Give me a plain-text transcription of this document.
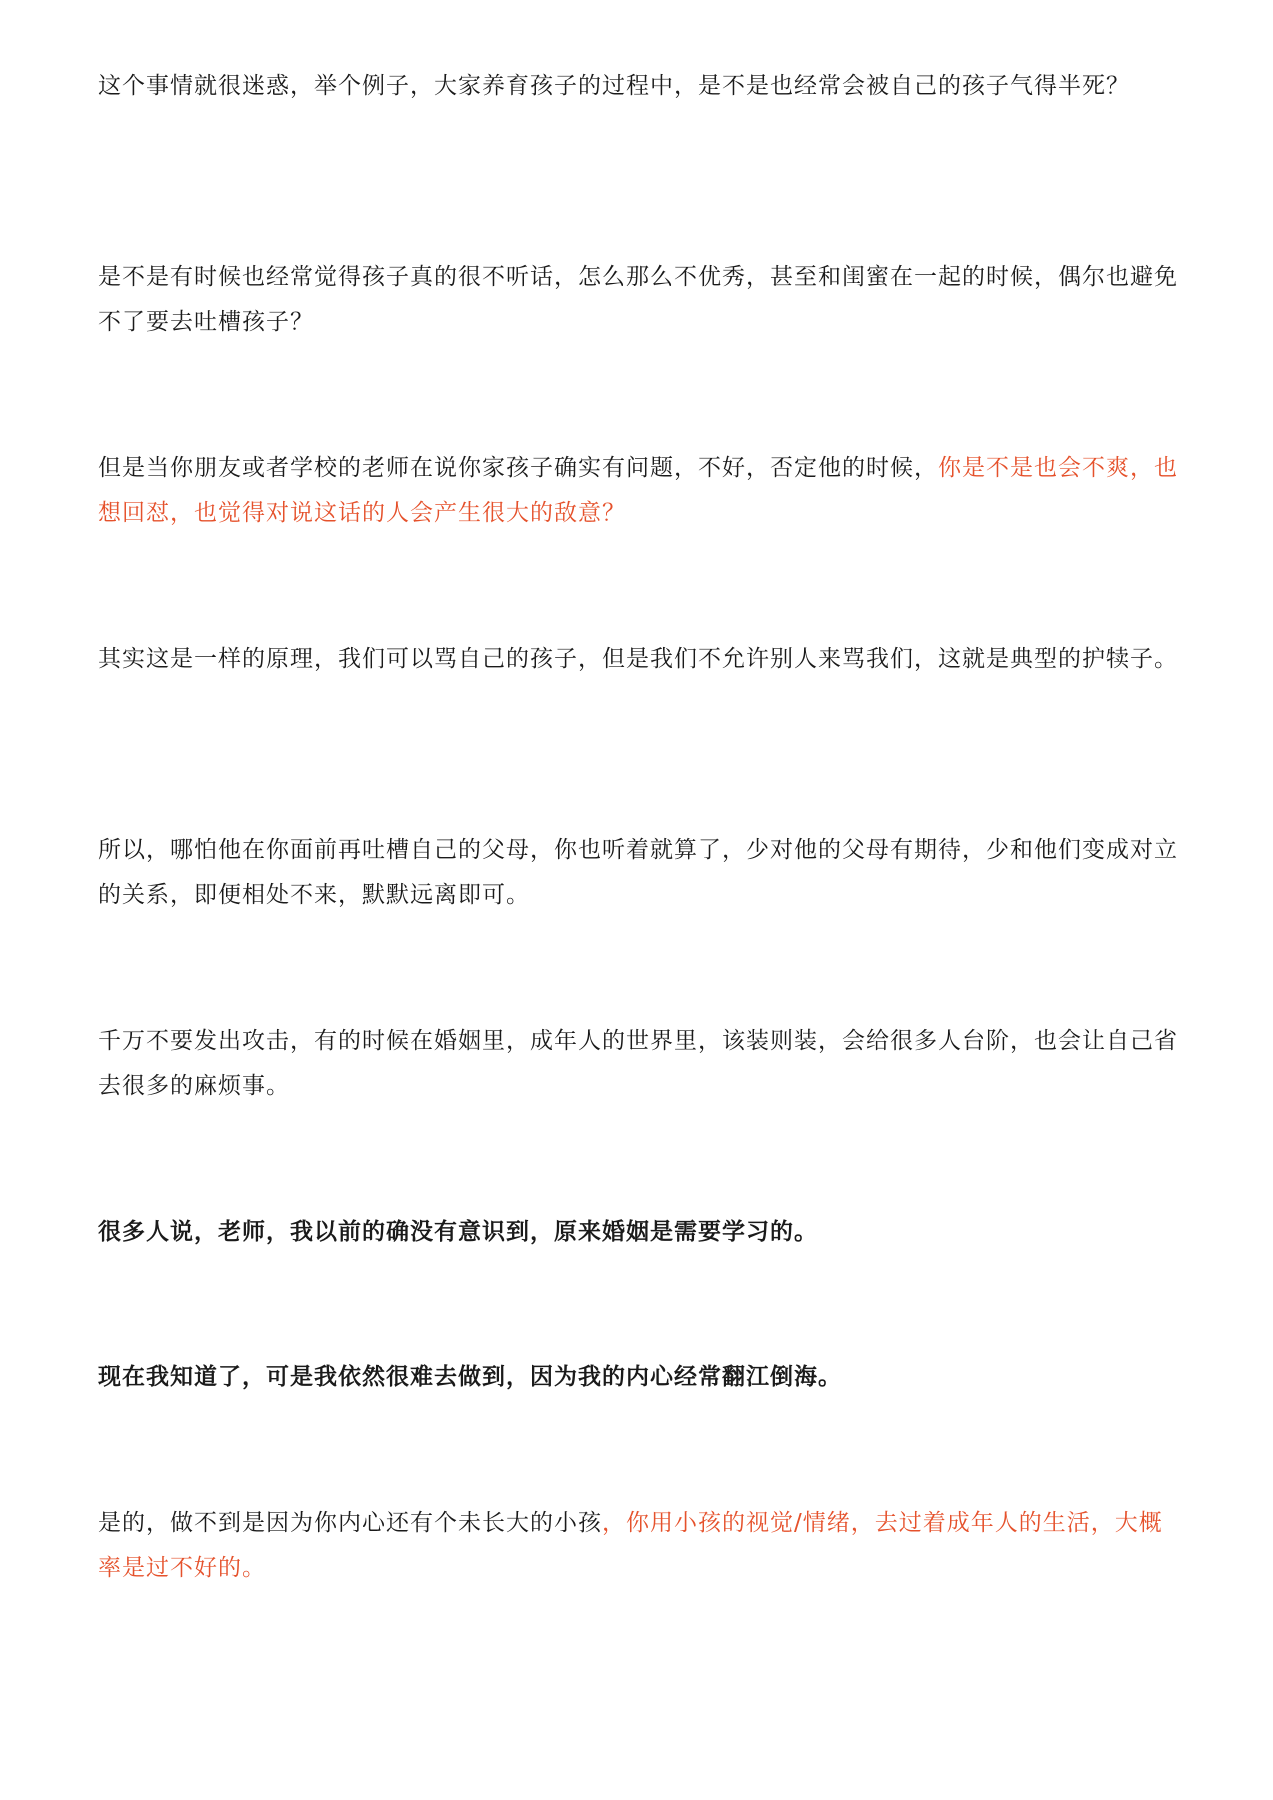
这个事情就很迷惑，举个例子，大家养育孩子的过程中，是不是也经常会被自己的孩子气得半死？

是不是有时候也经常觉得孩子真的很不听话，怎么那么不优秀，甚至和闺蜜在一起的时候，偶尔也避免不了要去吐槽孩子？

但是当你朋友或者学校的老师在说你家孩子确实有问题，不好，否定他的时候，你是不是也会不爽，也想回怼，也觉得对说这话的人会产生很大的敌意？

其实这是一样的原理，我们可以骂自己的孩子，但是我们不允许别人来骂我们，这就是典型的护犊子。

所以，哪怕他在你面前再吐槽自己的父母，你也听着就算了，少对他的父母有期待，少和他们变成对立的关系，即便相处不来，默默远离即可。

千万不要发出攻击，有的时候在婚姻里，成年人的世界里，该装则装，会给很多人台阶，也会让自己省去很多的麻烦事。

很多人说，老师，我以前的确没有意识到，原来婚姻是需要学习的。

现在我知道了，可是我依然很难去做到，因为我的内心经常翻江倒海。

是的，做不到是因为你内心还有个未长大的小孩，你用小孩的视觉/情绪，去过着成年人的生活，大概率是过不好的。
